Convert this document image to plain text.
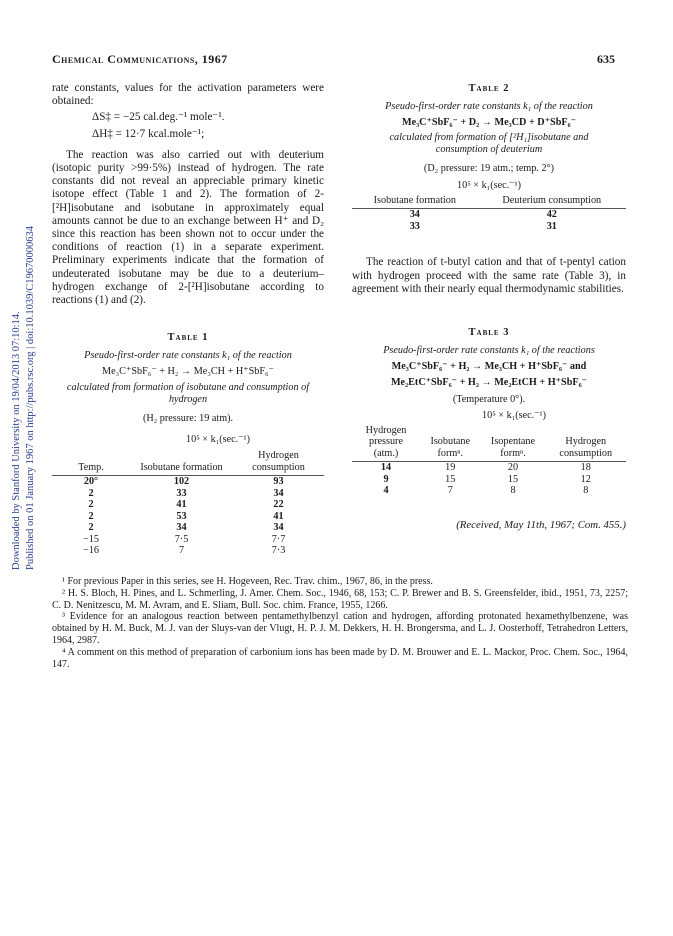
Chemical Communications, 1967	635
Downloaded by Stanford University on 19/04/2013 07:10:14. Published on 01 January 1967 on http://pubs.rsc.org | doi:10.1039/C19670000634
rate constants, values for the activation parameters were obtained:
ΔS‡ = −25 cal.deg.⁻¹ mole⁻¹.
ΔH‡ = 12·7 kcal.mole⁻¹;
The reaction was also carried out with deuterium (isotopic purity >99·5%) instead of hydrogen. The rate constants did not reveal an appreciable primary kinetic isotope effect (Table 1 and 2). The formation of 2-[²H]isobutane and isobutane in approximately equal amounts cannot be due to an exchange between H⁺ and D₂ since this reaction has been shown not to occur under the conditions of reaction (1) in a separate experiment. Preliminary experiments indicate that the formation of undeuterated isobutane may be due to a deuterium–hydrogen exchange of 2-[²H]isobutane according to reactions (1) and (2).
Table 1
Pseudo-first-order rate constants k₁ of the reaction
Me₃C⁺SbF₆⁻ + H₂ → Me₃CH + H⁺SbF₆⁻
calculated from formation of isobutane and consumption of hydrogen
(H₂ pressure: 19 atm).
10⁵ × k₁(sec.⁻¹)
Temp.	Isobutane formation	Hydrogen consumption

20°	102	93
2	33	34
2	41	22
2	53	41
2	34	34
−15	7·5	7·7
−16	7	7·3
Table 2
Pseudo-first-order rate constants k₁ of the reaction
Me₃C⁺SbF₆⁻ + D₂ → Me₃CD + D⁺SbF₆⁻
calculated from formation of [²H₁]isobutane and consumption of deuterium
(D₂ pressure: 19 atm.; temp. 2°)
10⁵ × k₁(sec.⁻¹)
Isobutane formation	Deuterium consumption

34	42
33	31
The reaction of t-butyl cation and that of t-pentyl cation with hydrogen proceed with the same rate (Table 3), in agreement with their nearly equal thermodynamic stabilities.
Table 3
Pseudo-first-order rate constants k₁ of the reactions
Me₃C⁺SbF₆⁻ + H₂ → Me₃CH + H⁺SbF₆⁻ and
Me₂EtC⁺SbF₆⁻ + H₂ → Me₂EtCH + H⁺SbF₆⁻
(Temperature 0°).
10⁵ × k₁(sec.⁻¹)
Hydrogen pressure (atm.)	Isobutane formⁿ.	Isopentane formⁿ.	Hydrogen consumption

14	19	20	18
9	15	15	12
4	7	8	8
(Received, May 11th, 1967; Com. 455.)

¹ For previous Paper in this series, see H. Hogeveen, Rec. Trav. chim., 1967, 86, in the press.

² H. S. Bloch, H. Pines, and L. Schmerling, J. Amer. Chem. Soc., 1946, 68, 153; C. P. Brewer and B. S. Greensfelder, ibid., 1951, 73, 2257; C. D. Nenitzescu, M. M. Avram, and E. Sliam, Bull. Soc. chim. France, 1955, 1266.

³ Evidence for an analogous reaction between pentamethylbenzyl cation and hydrogen, affording protonated hexamethylbenzene, was obtained by H. M. Buck, M. J. van der Sluys-van der Vlugt, H. P. J. M. Dekkers, H. H. Brongersma, and L. J. Oosterhoff, Tetrahedron Letters, 1964, 2987.

⁴ A comment on this method of preparation of carbonium ions has been made by D. M. Brouwer and E. L. Mackor, Proc. Chem. Soc., 1964, 147.
